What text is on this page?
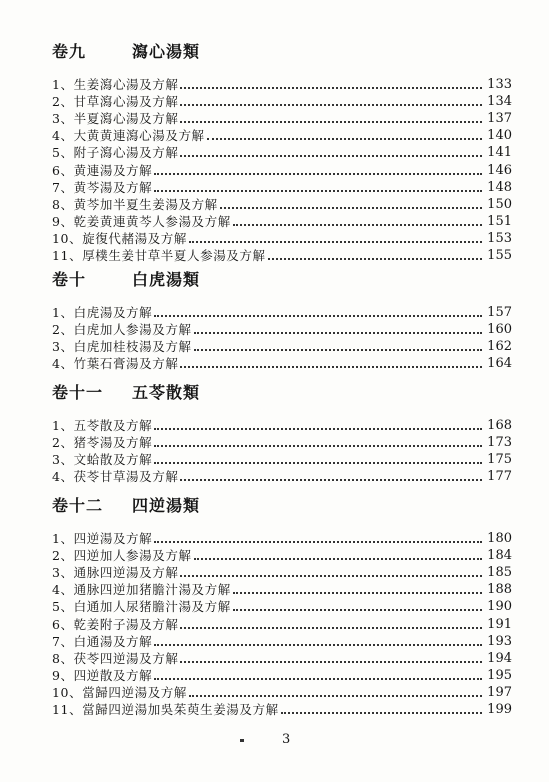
卷九	瀉心湯類
1、生姜瀉心湯及方解	133
2、甘草瀉心湯及方解	134
3、半夏瀉心湯及方解	137
4、大黄黄連瀉心湯及方解	140
5、附子瀉心湯及方解	141
6、黄連湯及方解	146
7、黄芩湯及方解	148
8、黄芩加半夏生姜湯及方解	150
9、乾姜黄連黄芩人参湯及方解	151
10、旋復代赭湯及方解	153
11、厚樸生姜甘草半夏人参湯及方解	155
卷十	白虎湯類
1、白虎湯及方解	157
2、白虎加人参湯及方解	160
3、白虎加桂枝湯及方解	162
4、竹葉石膏湯及方解	164
卷十一	五苓散類
1、五苓散及方解	168
2、猪苓湯及方解	173
3、文蛤散及方解	175
4、茯苓甘草湯及方解	177
卷十二	四逆湯類
1、四逆湯及方解	180
2、四逆加人参湯及方解	184
3、通脉四逆湯及方解	185
4、通脉四逆加猪膽汁湯及方解	188
5、白通加人尿猪膽汁湯及方解	190
6、乾姜附子湯及方解	191
7、白通湯及方解	193
8、茯苓四逆湯及方解	194
9、四逆散及方解	195
10、當歸四逆湯及方解	197
11、當歸四逆湯加吳茱萸生姜湯及方解	199
3
